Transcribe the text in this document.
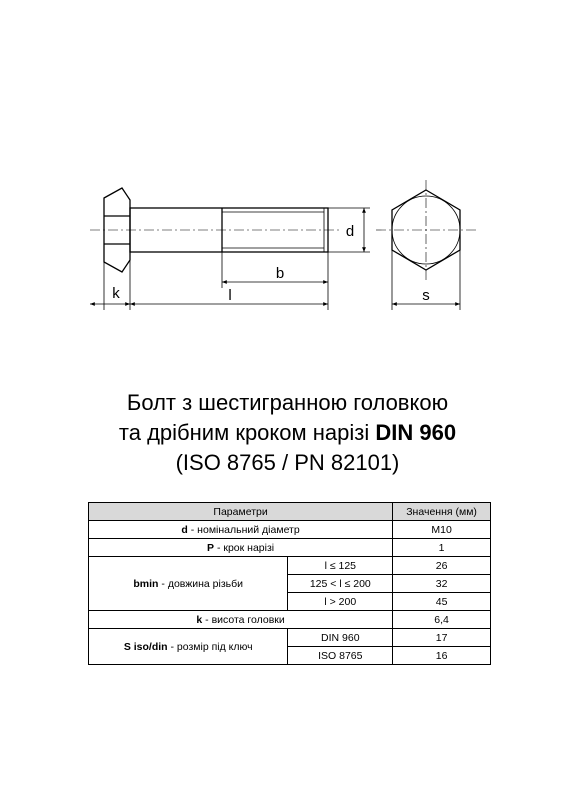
d
b
k	l	s
Болт з шестигранною головкою
та дрібним кроком нарізі DIN 960
(ISO 8765 / PN 82101)
Параметри		Значення (мм)
d - номінальний діаметр		M10
P - крок нарізі		1
bmin - довжина різьби	l ≤ 125	26
	125 < l ≤ 200	32
	l > 200	45
k - висота головки		6,4
S iso/din - розмір під ключ	DIN 960	17
	ISO 8765	16
